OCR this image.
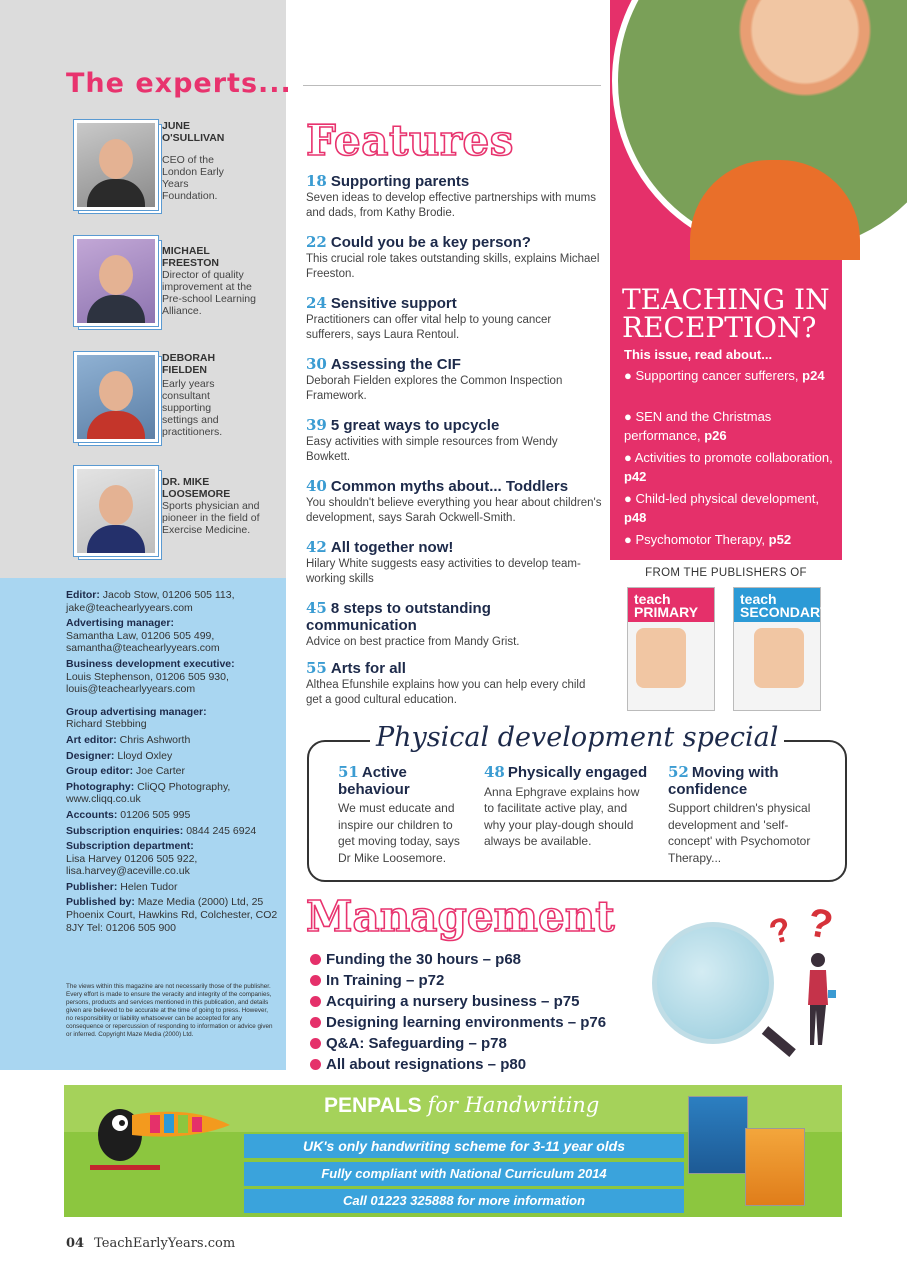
The experts...
JUNE O'SULLIVAN
CEO of the London Early Years Foundation.
MICHAEL FREESTON
Director of quality improvement at the Pre-school Learning Alliance.
DEBORAH FIELDEN
Early years consultant supporting settings and practitioners.
DR. MIKE LOOSEMORE
Sports physician and pioneer in the field of Exercise Medicine.
Editor: Jacob Stow, 01206 505 113, jake@teachearlyyears.com
Advertising manager:
Samantha Law, 01206 505 499, samantha@teachearlyyears.com
Business development executive:
Louis Stephenson, 01206 505 930, louis@teachearlyyears.com
Group advertising manager:
Richard Stebbing
Art editor: Chris Ashworth
Designer: Lloyd Oxley
Group editor: Joe Carter
Photography: CliQQ Photography, www.cliqq.co.uk
Accounts: 01206 505 995
Subscription enquiries: 0844 245 6924
Subscription department:
Lisa Harvey 01206 505 922, lisa.harvey@aceville.co.uk
Publisher: Helen Tudor
Published by: Maze Media (2000) Ltd, 25 Phoenix Court, Hawkins Rd, Colchester, CO2 8JY Tel: 01206 505 900
The views within this magazine are not necessarily those of the publisher. Every effort is made to ensure the veracity and integrity of the companies, persons, products and services mentioned in this publication, and details given are believed to be accurate at the time of going to press. However, no responsibility or liability whatsoever can be accepted for any consequence or repercussion of responding to information or advice given or inferred. Copyright Maze Media (2000) Ltd.
Features
18 Supporting parents
Seven ideas to develop effective partnerships with mums and dads, from Kathy Brodie.
22 Could you be a key person?
This crucial role takes outstanding skills, explains Michael Freeston.
24 Sensitive support
Practitioners can offer vital help to young cancer sufferers, says Laura Rentoul.
30 Assessing the CIF
Deborah Fielden explores the Common Inspection Framework.
39 5 great ways to upcycle
Easy activities with simple resources from Wendy Bowkett.
40 Common myths about... Toddlers
You shouldn't believe everything you hear about children's development, says Sarah Ockwell-Smith.
42 All together now!
Hilary White suggests easy activities to develop team-working skills
45 8 steps to outstanding communication
Advice on best practice from Mandy Grist.
55 Arts for all
Althea Efunshile explains how you can help every child get a good cultural education.
TEACHING IN RECEPTION?
This issue, read about...
● Supporting cancer sufferers, p24
● SEN and the Christmas performance, p26
● Activities to promote collaboration, p42
● Child-led physical development, p48
● Psychomotor Therapy, p52
FROM THE PUBLISHERS OF
teach PRIMARY
teach SECONDARY
Physical development special
51 Active behaviour
We must educate and inspire our children to get moving today, says Dr Mike Loosemore.
48 Physically engaged
Anna Ephgrave explains how to facilitate active play, and why your play-dough should always be available.
52 Moving with confidence
Support children's physical development and 'self-concept' with Psychomotor Therapy...
Management
Funding the 30 hours – p68
In Training – p72
Acquiring a nursery business – p75
Designing learning environments – p76
Q&A: Safeguarding – p78
All about resignations – p80
? ?
PENPALS for Handwriting
UK's only handwriting scheme for 3-11 year olds
Fully compliant with National Curriculum 2014
Call 01223 325888 for more information
04 TeachEarlyYears.com
